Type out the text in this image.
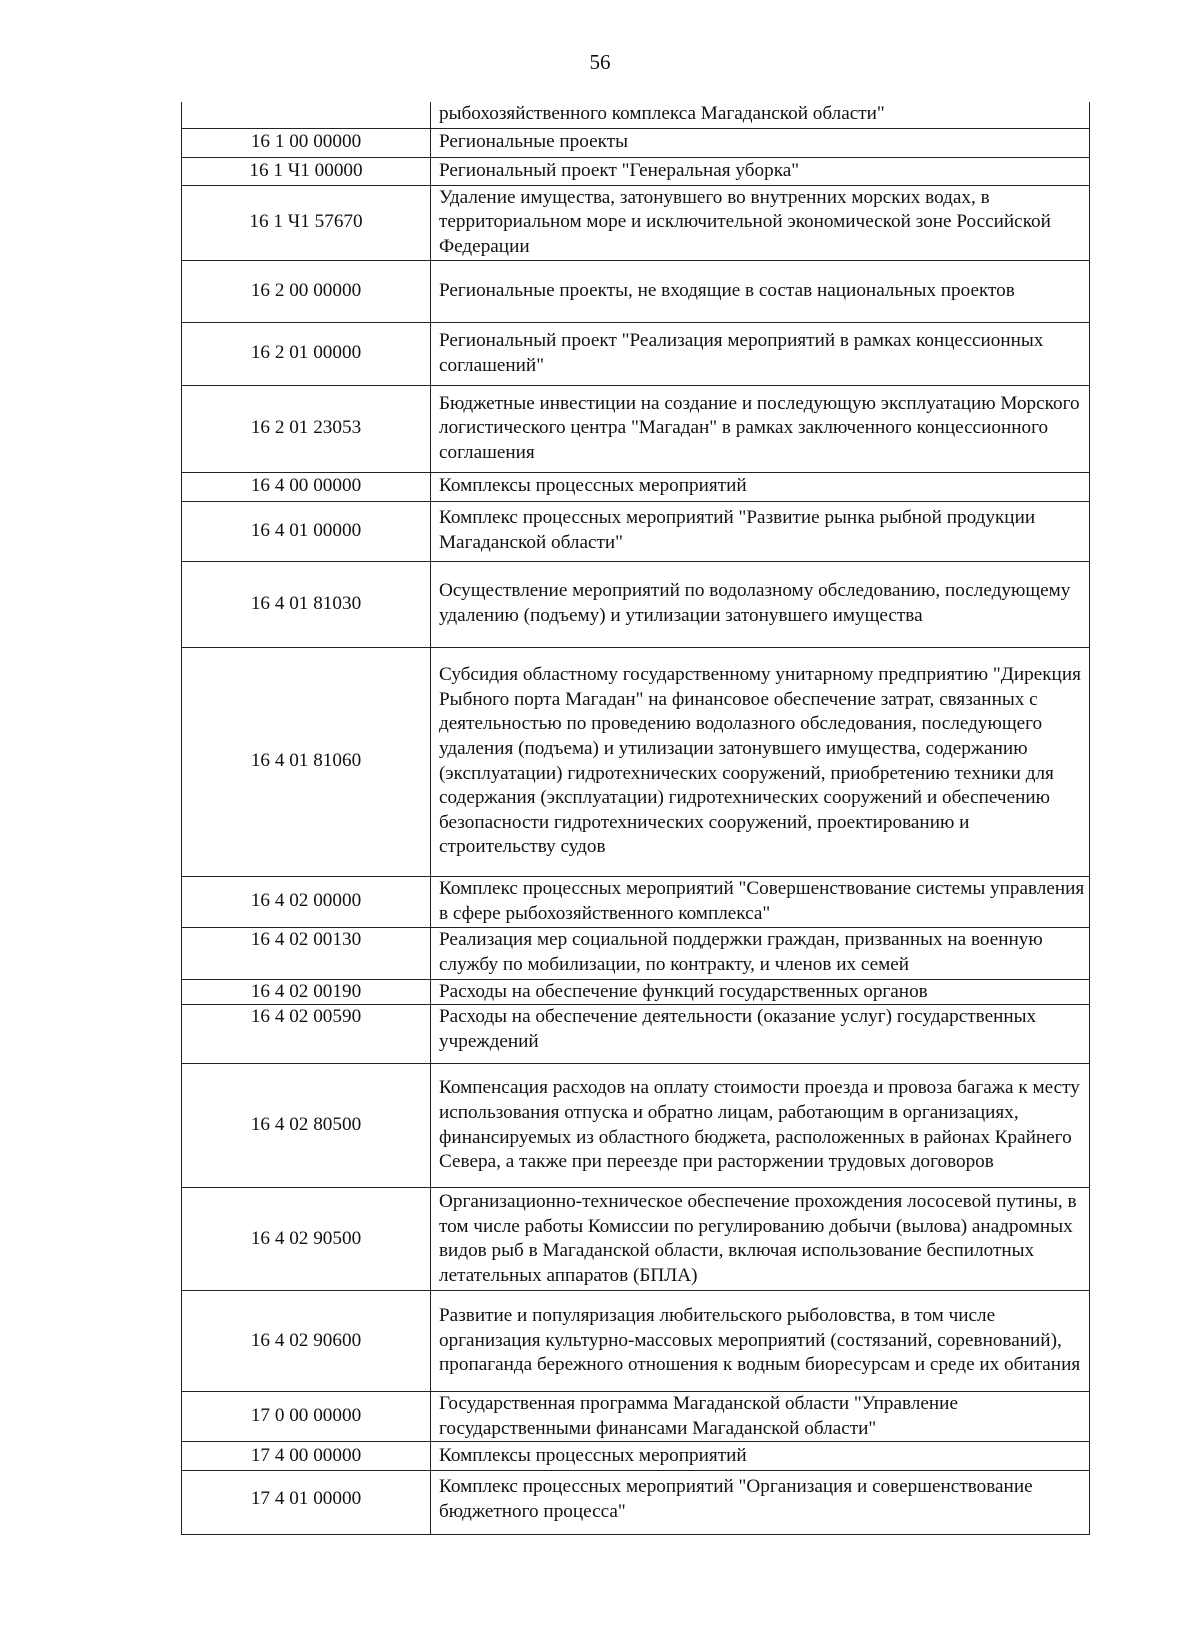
56
	рыбохозяйственного комплекса Магаданской области"
16 1 00 00000	Региональные проекты
16 1 Ч1 00000	Региональный проект "Генеральная уборка"
16 1 Ч1 57670	Удаление имущества, затонувшего во внутренних морских водах, в территориальном море и исключительной экономической зоне Российской Федерации
16 2 00 00000	Региональные проекты, не входящие в состав национальных проектов
16 2 01 00000	Региональный проект "Реализация мероприятий в рамках концессионных соглашений"
16 2 01 23053	Бюджетные инвестиции на создание и последующую эксплуатацию Морского логистического центра "Магадан" в рамках заключенного концессионного соглашения
16 4 00 00000	Комплексы процессных мероприятий
16 4 01 00000	Комплекс процессных мероприятий "Развитие рынка рыбной продукции Магаданской области"
16 4 01 81030	Осуществление мероприятий по водолазному обследованию, последующему удалению (подъему) и утилизации затонувшего имущества
16 4 01 81060	Субсидия областному государственному унитарному предприятию "Дирекция Рыбного порта Магадан" на финансовое обеспечение затрат, связанных с деятельностью по проведению водолазного обследования, последующего удаления (подъема) и утилизации затонувшего имущества, содержанию (эксплуатации) гидротехнических сооружений, приобретению техники для содержания (эксплуатации) гидротехнических сооружений и обеспечению безопасности гидротехнических сооружений, проектированию и строительству судов
16 4 02 00000	Комплекс процессных мероприятий "Совершенствование системы управления в сфере рыбохозяйственного комплекса"
16 4 02 00130	Реализация мер социальной поддержки граждан, призванных на военную службу по мобилизации, по контракту, и членов их семей
16 4 02 00190	Расходы на обеспечение функций государственных органов
16 4 02 00590	Расходы на обеспечение деятельности (оказание услуг) государственных учреждений
16 4 02 80500	Компенсация расходов на оплату стоимости проезда и провоза багажа к месту использования отпуска и обратно лицам, работающим в организациях, финансируемых из областного бюджета, расположенных в районах Крайнего Севера, а также при переезде при расторжении трудовых договоров
16 4 02 90500	Организационно-техническое обеспечение прохождения лососевой путины, в том числе работы Комиссии по регулированию добычи (вылова) анадромных видов рыб в Магаданской области, включая использование беспилотных летательных аппаратов (БПЛА)
16 4 02 90600	Развитие и популяризация любительского рыболовства, в том числе организация культурно-массовых мероприятий (состязаний, соревнований), пропаганда бережного отношения к водным биоресурсам и среде их обитания
17 0 00 00000	Государственная программа Магаданской области "Управление государственными финансами Магаданской области"
17 4 00 00000	Комплексы процессных мероприятий
17 4 01 00000	Комплекс процессных мероприятий "Организация и совершенствование бюджетного процесса"
